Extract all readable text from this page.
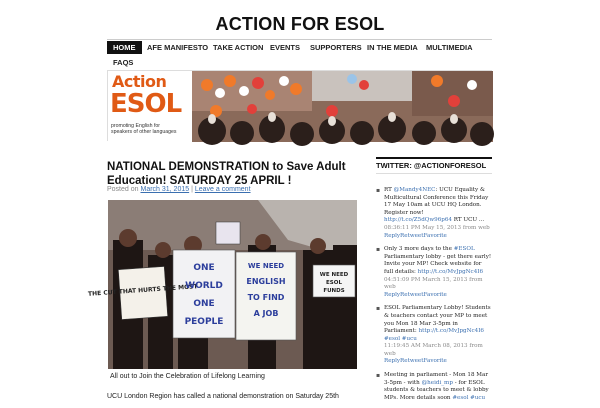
ACTION FOR ESOL
HOME	AFE MANIFESTO TAKE ACTION EVENTS	SUPPORTERS IN THE MEDIA	MULTIMEDIA
FAQS
Action
ESOL
promoting English for
speakers of other languages
NATIONAL DEMONSTRATION to Save Adult Education! SATURDAY 25 APRIL !
Posted on March 31, 2015 | Leave a comment
THE CUT THAT HURTS THE MOST
ONE
WORLD
ONE
PEOPLE
WE NEED
ENGLISH
TO FIND
A JOB
WE NEED
ESOL
FUNDS
All out to Join the Celebration of Lifelong Learning
UCU London Region has called a national demonstration on Saturday 25th
TWITTER: @ACTIONFORESOL
▪ RT @Mandy4NEC: UCU Equality & Multicultural Conference this Friday 17 May 10am at UCU HQ London. Register now! http://t.co/Z5dQw96p64 RT UCU ...
08:36:11 PM May 15, 2013 from web
ReplyRetweetFavorite
▪ Only 3 more days to the #ESOL Parliamentary lobby - get there early! Invite your MP! Check website for full details: http://t.co/MvJpgNc4I6
04:51:09 PM March 15, 2013 from web
ReplyRetweetFavorite
▪ ESOL Parliamentary Lobby! Students & teachers contact your MP to meet you Mon 18 Mar 3-5pm in Parliament: http://t.co/MvJpgNc4I6 #esol #ucu
11:19:45 AM March 08, 2013 from web
ReplyRetweetFavorite
▪ Meeting in parliament - Mon 18 Mar 3-5pm - with @heidi_mp - for ESOL students & teachers to meet & lobby MPs. More details soon #esol #ucu
